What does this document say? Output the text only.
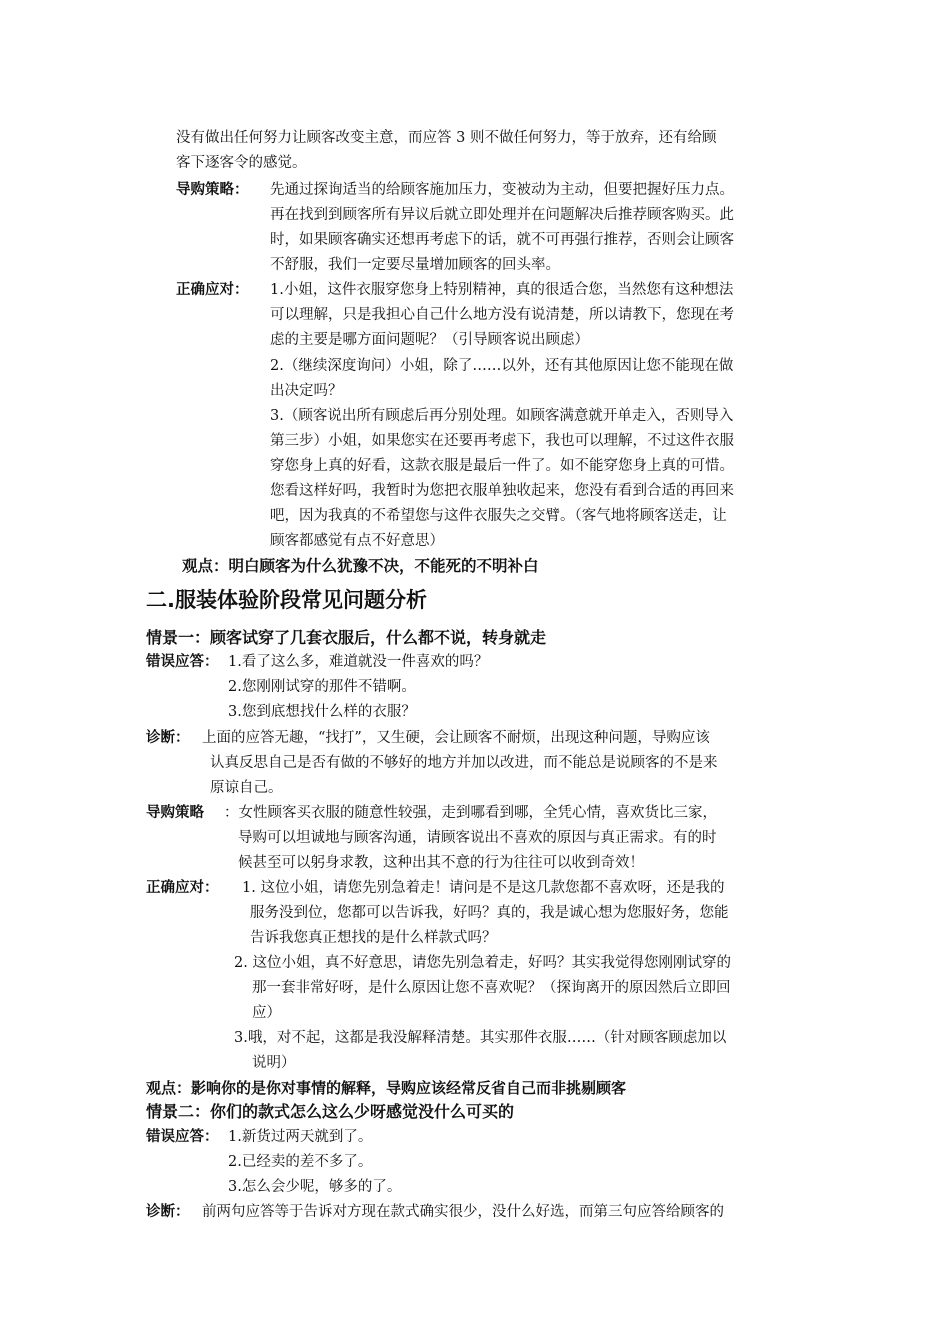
没有做出任何努力让顾客改变主意，而应答 3 则不做任何努力，等于放弃，还有给顾
客下逐客令的感觉。
导购策略： 先通过探询适当的给顾客施加压力，变被动为主动，但要把握好压力点。
再在找到到顾客所有异议后就立即处理并在问题解决后推荐顾客购买。此
时，如果顾客确实还想再考虑下的话，就不可再强行推荐，否则会让顾客
不舒服，我们一定要尽量增加顾客的回头率。
正确应对： 1.小姐，这件衣服穿您身上特别精神，真的很适合您，当然您有这种想法
可以理解，只是我担心自己什么地方没有说清楚，所以请教下，您现在考
虑的主要是哪方面问题呢？（引导顾客说出顾虑）
2.（继续深度询问）小姐，除了……以外，还有其他原因让您不能现在做
出决定吗？
3.（顾客说出所有顾虑后再分别处理。如顾客满意就开单走入，否则导入
第三步）小姐，如果您实在还要再考虑下，我也可以理解，不过这件衣服
穿您身上真的好看，这款衣服是最后一件了。如不能穿您身上真的可惜。
您看这样好吗，我暂时为您把衣服单独收起来，您没有看到合适的再回来
吧，因为我真的不希望您与这件衣服失之交臂。（客气地将顾客送走，让
顾客都感觉有点不好意思）
观点：明白顾客为什么犹豫不决，不能死的不明补白
二.服装体验阶段常见问题分析
情景一：顾客试穿了几套衣服后，什么都不说，转身就走
错误应答： 1.看了这么多，难道就没一件喜欢的吗？
2.您刚刚试穿的那件不错啊。
3.您到底想找什么样的衣服？
诊断： 上面的应答无趣，“找打”，又生硬，会让顾客不耐烦，出现这种问题，导购应该
认真反思自己是否有做的不够好的地方并加以改进，而不能总是说顾客的不是来
原谅自己。
导购策略 ：女性顾客买衣服的随意性较强，走到哪看到哪，全凭心情，喜欢货比三家，
导购可以坦诚地与顾客沟通，请顾客说出不喜欢的原因与真正需求。有的时
候甚至可以躬身求教，这种出其不意的行为往往可以收到奇效！
正确应对： 1. 这位小姐，请您先别急着走！请问是不是这几款您都不喜欢呀，还是我的
服务没到位，您都可以告诉我，好吗？真的，我是诚心想为您服好务，您能
告诉我您真正想找的是什么样款式吗？
2. 这位小姐，真不好意思，请您先别急着走，好吗？其实我觉得您刚刚试穿的
那一套非常好呀，是什么原因让您不喜欢呢？（探询离开的原因然后立即回
应）
3.哦，对不起，这都是我没解释清楚。其实那件衣服……（针对顾客顾虑加以
说明）
观点：影响你的是你对事情的解释，导购应该经常反省自己而非挑剔顾客
情景二：你们的款式怎么这么少呀感觉没什么可买的
错误应答： 1.新货过两天就到了。
2.已经卖的差不多了。
3.怎么会少呢，够多的了。
诊断： 前两句应答等于告诉对方现在款式确实很少，没什么好选，而第三句应答给顾客的
